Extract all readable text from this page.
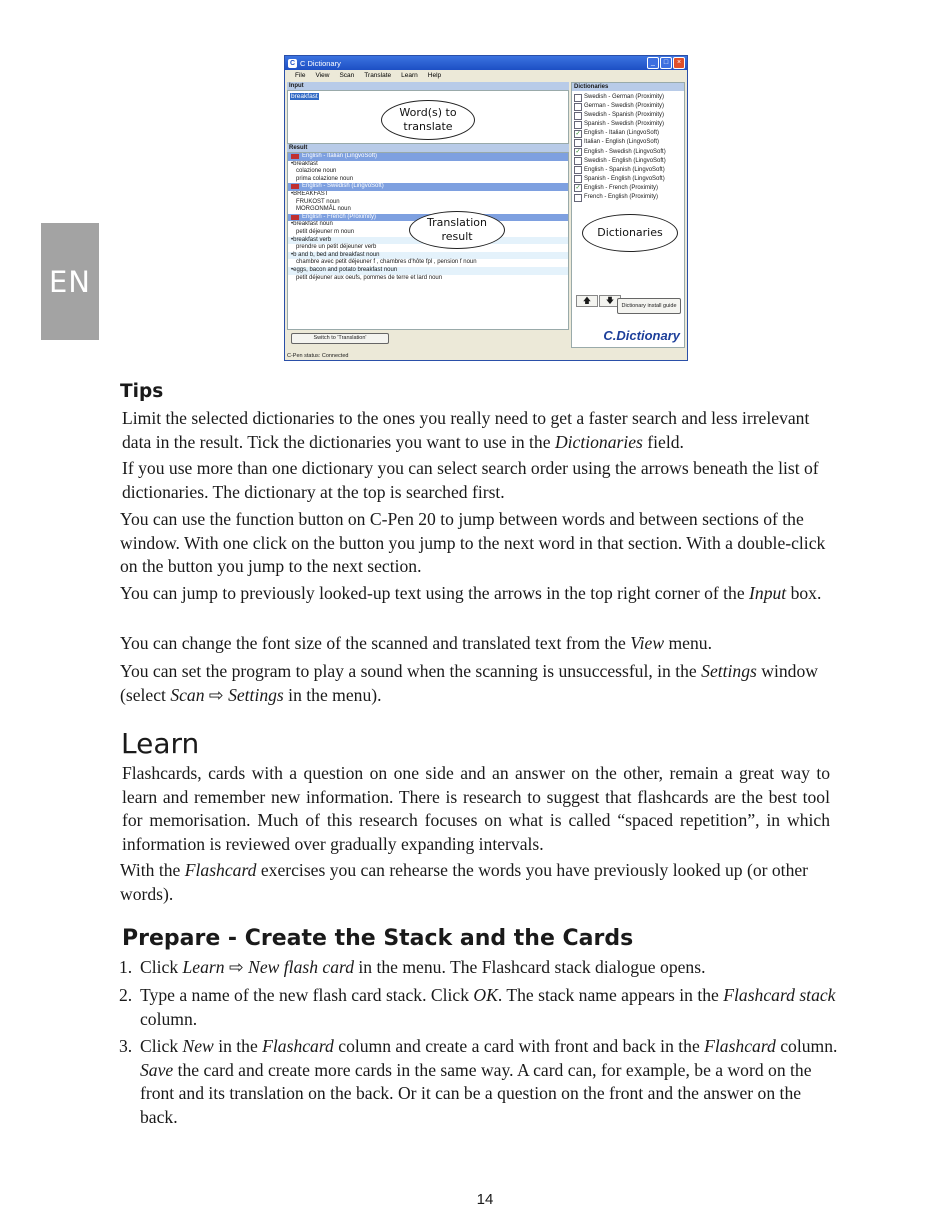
EN
C C Dictionary	_	□	×
File View Scan Translate Learn Help
Input
breakfast
Result
English - Italian (LingvoSoft)
•breakfast
colazione noun
prima colazione noun
English - Swedish (LingvoSoft)
•BREAKFAST
FRUKOST noun
MORGONMÅL noun
English - French (Proximity)
•breakfast noun
petit déjeuner m noun
•breakfast verb
prendre un petit déjeuner verb
•b and b, bed and breakfast noun
chambre avec petit déjeuner f , chambres d'hôte fpl , pension f noun
•eggs, bacon and potato breakfast noun
petit déjeuner aux oeufs, pommes de terre et lard noun
Switch to 'Translation'
Dictionaries
Swedish - German (Proximity)
German - Swedish (Proximity)
Swedish - Spanish (Proximity)
Spanish - Swedish (Proximity)
✓ English - Italian (LingvoSoft)
Italian - English (LingvoSoft)
✓ English - Swedish (LingvoSoft)
Swedish - English (LingvoSoft)
English - Spanish (LingvoSoft)
Spanish - English (LingvoSoft)
✓ English - French (Proximity)
French - English (Proximity)
🡅	🡇
Dictionary install guide
C.Dictionary
C-Pen status: Connected
Word(s) to translate
Translation result	Dictionaries
Tips
Limit the selected dictionaries to the ones you really need to get a faster search and less irrelevant data in the result. Tick the dictionaries you want to use in the Dictionaries field.
If you use more than one dictionary you can select search order using the arrows beneath the list of dictionaries. The dictionary at the top is searched first.
You can use the function button on C-Pen 20 to jump between words and between sections of the window. With one click on the button you jump to the next word in that section. With a double-click on the button you jump to the next section.
You can jump to previously looked-up text using the arrows in the top right corner of the Input box.
You can change the font size of the scanned and translated text from the View menu.
You can set the program to play a sound when the scanning is unsuccessful, in the Settings window (select Scan ⇨ Settings in the menu).
Learn
Flashcards, cards with a question on one side and an answer on the other, remain a great way to learn and remember new information. There is research to suggest that flashcards are the best tool for memorisation. Much of this research focuses on what is called “spaced repetition”, in which information is reviewed over gradually expanding intervals.
With the Flashcard exercises you can rehearse the words you have previously looked up (or other words).
Prepare - Create the Stack and the Cards
1. Click Learn ⇨ New flash card in the menu. The Flashcard stack dialogue opens.
2. Type a name of the new flash card stack. Click OK. The stack name appears in the Flashcard stack column.
3. Click New in the Flashcard column and create a card with front and back in the Flashcard column. Save the card and create more cards in the same way. A card can, for example, be a word on the front and its translation on the back. Or it can be a question on the front and the answer on the back.
14
